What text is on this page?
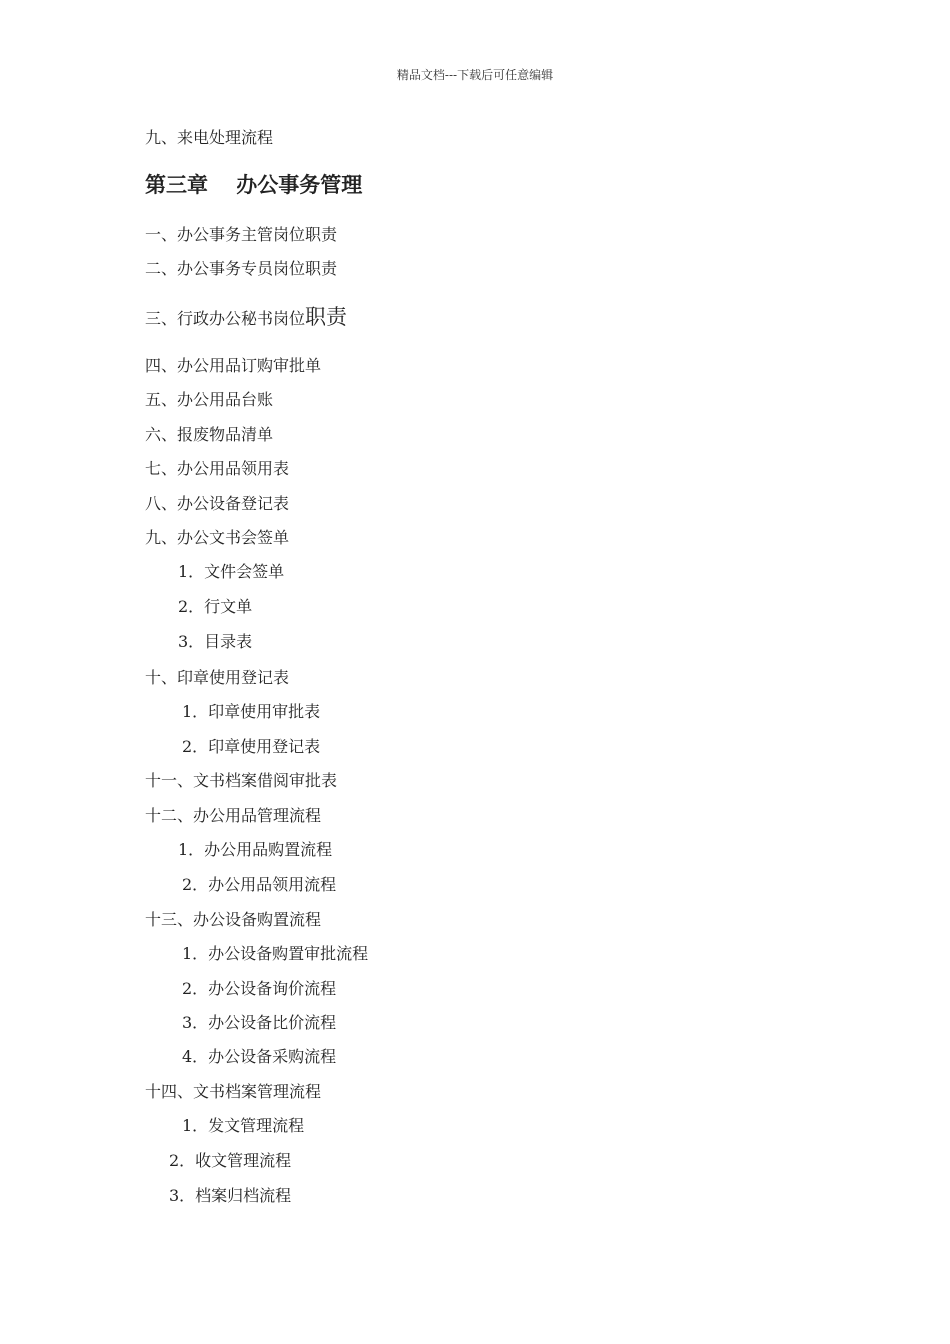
精品文档---下载后可任意编辑
九、来电处理流程
第三章　 办公事务管理
一、办公事务主管岗位职责
二、办公事务专员岗位职责
三、行政办公秘书岗位职责
四、办公用品订购审批单
五、办公用品台账
六、报废物品清单
七、办公用品领用表
八、办公设备登记表
九、办公文书会签单
1．文件会签单
2．行文单
3．目录表
十、印章使用登记表
1．印章使用审批表
2．印章使用登记表
十一、文书档案借阅审批表
十二、办公用品管理流程
1．办公用品购置流程
2．办公用品领用流程
十三、办公设备购置流程
1．办公设备购置审批流程
2．办公设备询价流程
3．办公设备比价流程
4．办公设备采购流程
十四、文书档案管理流程
1．发文管理流程
2．收文管理流程
3．档案归档流程
